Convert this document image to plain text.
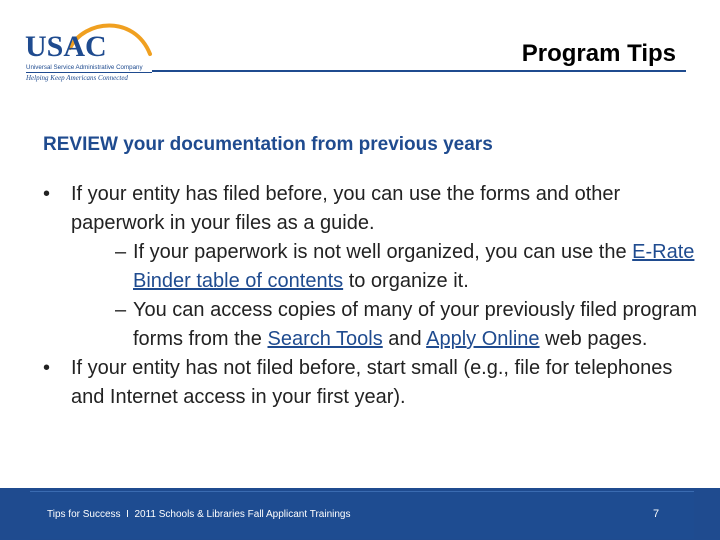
USAC
Universal Service Administrative Company
Helping Keep Americans Connected
Program Tips
REVIEW your documentation from previous years
• If your entity has filed before, you can use the forms and other paperwork in your files as a guide.
– If your paperwork is not well organized, you can use the E-Rate Binder table of contents to organize it.
– You can access copies of many of your previously filed program forms from the Search Tools and Apply Online web pages.
• If your entity has not filed before, start small (e.g., file for telephones and Internet access in your first year).
Tips for Success I 2011 Schools & Libraries Fall Applicant Trainings	7
